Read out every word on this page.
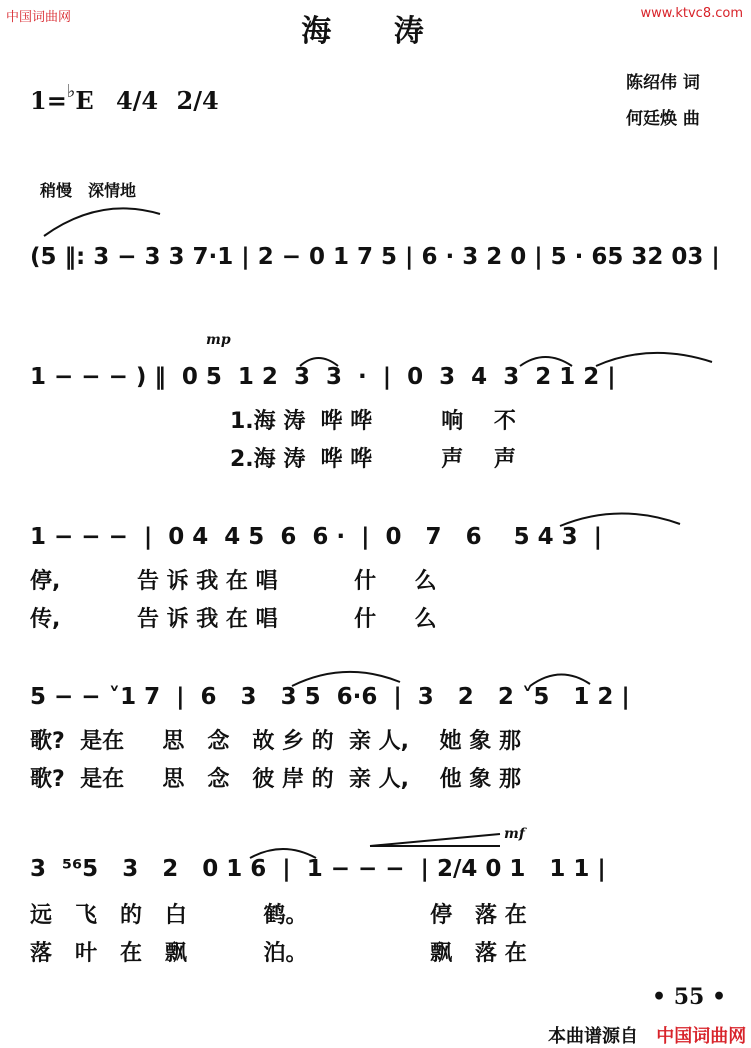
中国词曲网	www.ktvc8.com
海 涛
1=♭E 4/4 2/4
陈绍伟 词
何廷焕 曲
稍慢　深情地
mp
mf
(5 ‖: 3 − 3 3 7·1 | 2 − 0 1 7 5 | 6 · 3 2 0 | 5 · 65 32 03 |
1 − − − ) ‖  0 5  1 2  3  3  ·  |  0  3  4  3  2 1 2 |
1.海 涛  哗 哗         响    不
2.海 涛  哗 哗         声    声
1 − − −  |  0 4  4 5  6  6 ·  |  0   7   6    5 4 3  |
停,          告 诉 我 在 唱          什     么
传,          告 诉 我 在 唱          什     么
5 − − ˅1 7  |  6   3   3 5  6·6  |  3   2   2 ˅5   1 2 |
歌?  是在     思   念   故 乡 的  亲 人,    她 象 那
歌?  是在     思   念   彼 岸 的  亲 人,    他 象 那
3  ⁵⁶5   3   2   0 1 6  |  1 − − −  | 2/4 0 1   1 1 |
远   飞   的   白          鹤。                停   落 在
落   叶   在   飘          泊。                飘   落 在
• 55 •
本曲谱源自 中国词曲网
